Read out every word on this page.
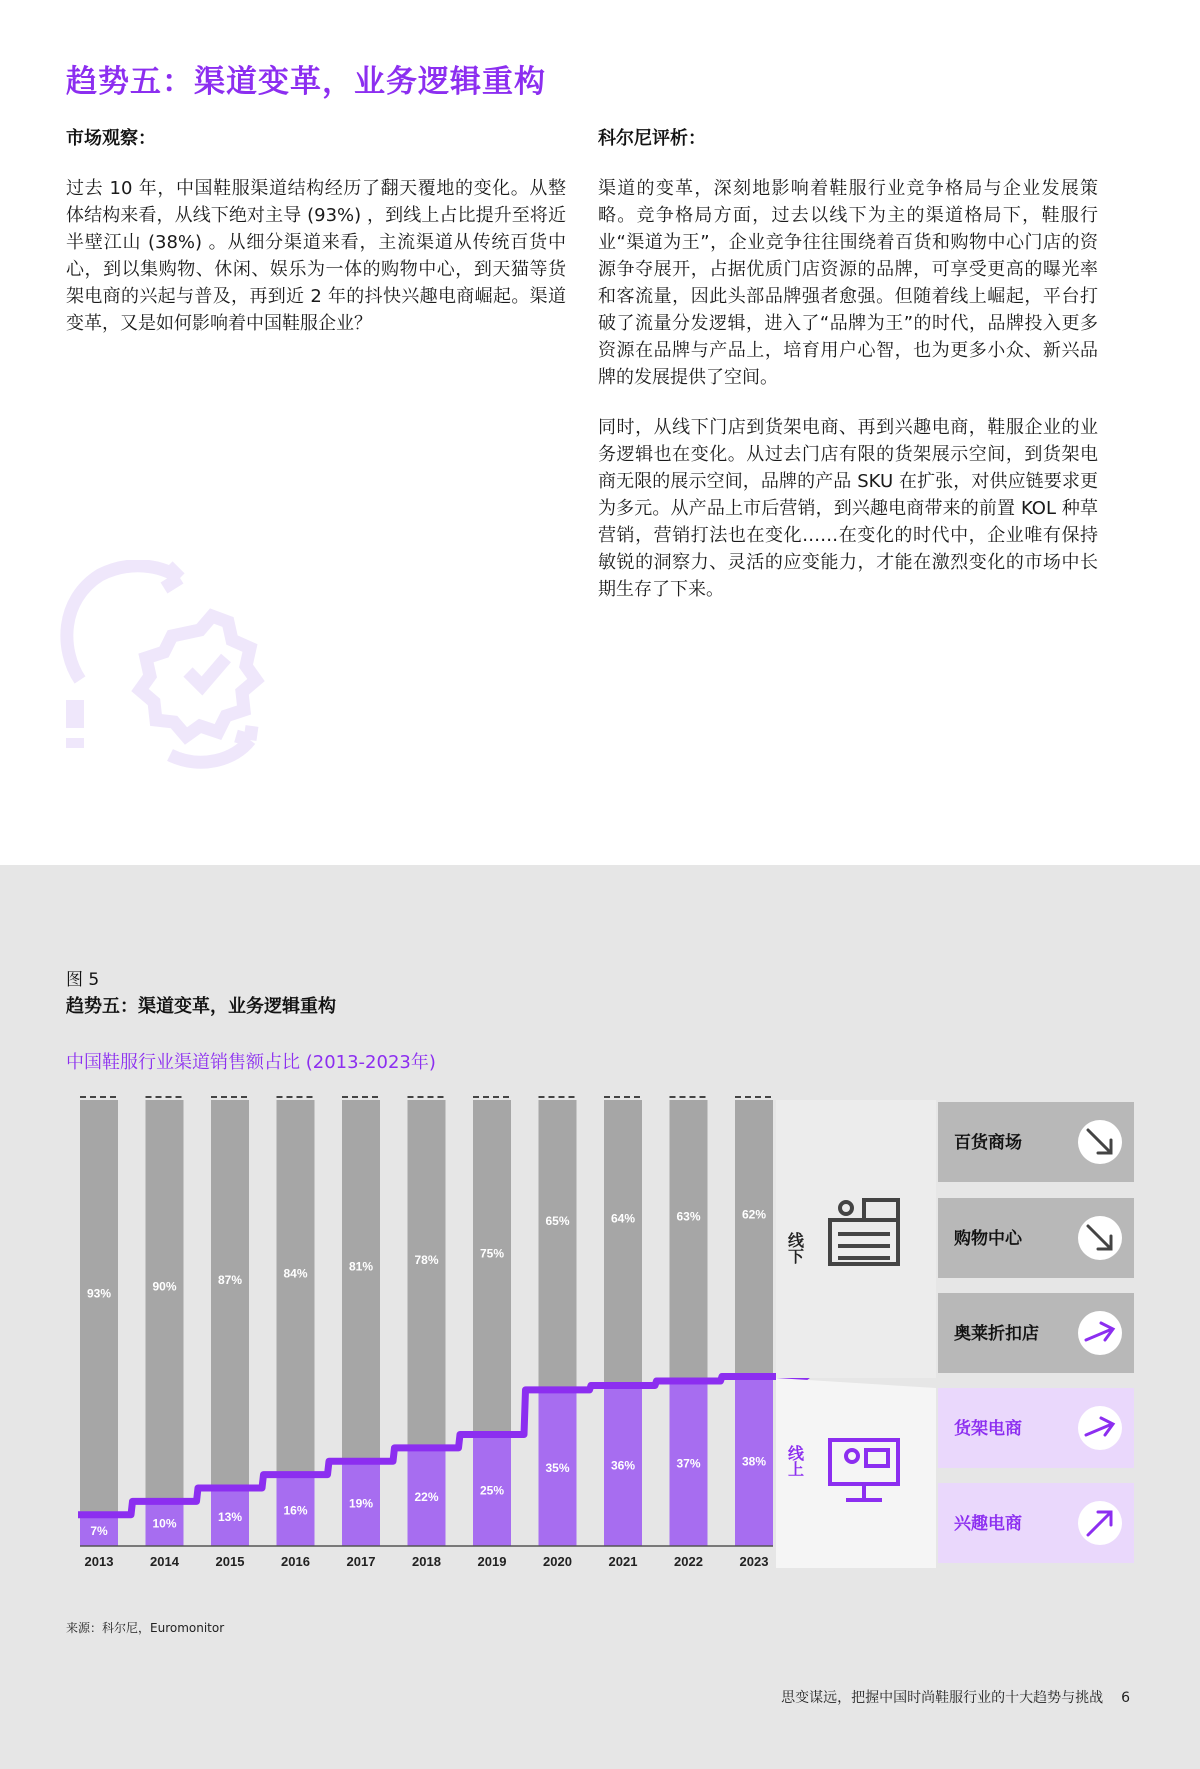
趋势五：渠道变革，业务逻辑重构
市场观察：
过去 10 年，中国鞋服渠道结构经历了翻天覆地的变化。从整体结构来看，从线下绝对主导 (93%) ，到线上占比提升至将近半壁江山 (38%) 。从细分渠道来看，主流渠道从传统百货中心，到以集购物、休闲、娱乐为一体的购物中心，到天猫等货架电商的兴起与普及，再到近 2 年的抖快兴趣电商崛起。渠道变革，又是如何影响着中国鞋服企业？
科尔尼评析：
渠道的变革，深刻地影响着鞋服行业竞争格局与企业发展策略。竞争格局方面，过去以线下为主的渠道格局下，鞋服行业“渠道为王”，企业竞争往往围绕着百货和购物中心门店的资源争夺展开，占据优质门店资源的品牌，可享受更高的曝光率和客流量，因此头部品牌强者愈强。但随着线上崛起，平台打破了流量分发逻辑，进入了“品牌为王”的时代，品牌投入更多资源在品牌与产品上，培育用户心智，也为更多小众、新兴品牌的发展提供了空间。
同时，从线下门店到货架电商、再到兴趣电商，鞋服企业的业务逻辑也在变化。从过去门店有限的货架展示空间，到货架电商无限的展示空间，品牌的产品 SKU 在扩张，对供应链要求更为多元。从产品上市后营销，到兴趣电商带来的前置 KOL 种草营销，营销打法也在变化……在变化的时代中，企业唯有保持敏锐的洞察力、灵活的应变能力，才能在激烈变化的市场中长期生存了下来。
图 5
趋势五：渠道变革，业务逻辑重构
中国鞋服行业渠道销售额占比 (2013-2023年)
93%
7%
2013
90%
10%
2014
87%
13%
2015
84%
16%
2016
81%
19%
2017
78%
22%
2018
75%
25%
2019
65%
35%
2020
64%
36%
2021
63%
37%
2022
62%
38%
2023
线下
线上
百货商场
购物中心
奥莱折扣店
货架电商
兴趣电商
来源：科尔尼，Euromonitor
思变谋远，把握中国时尚鞋服行业的十大趋势与挑战 6
